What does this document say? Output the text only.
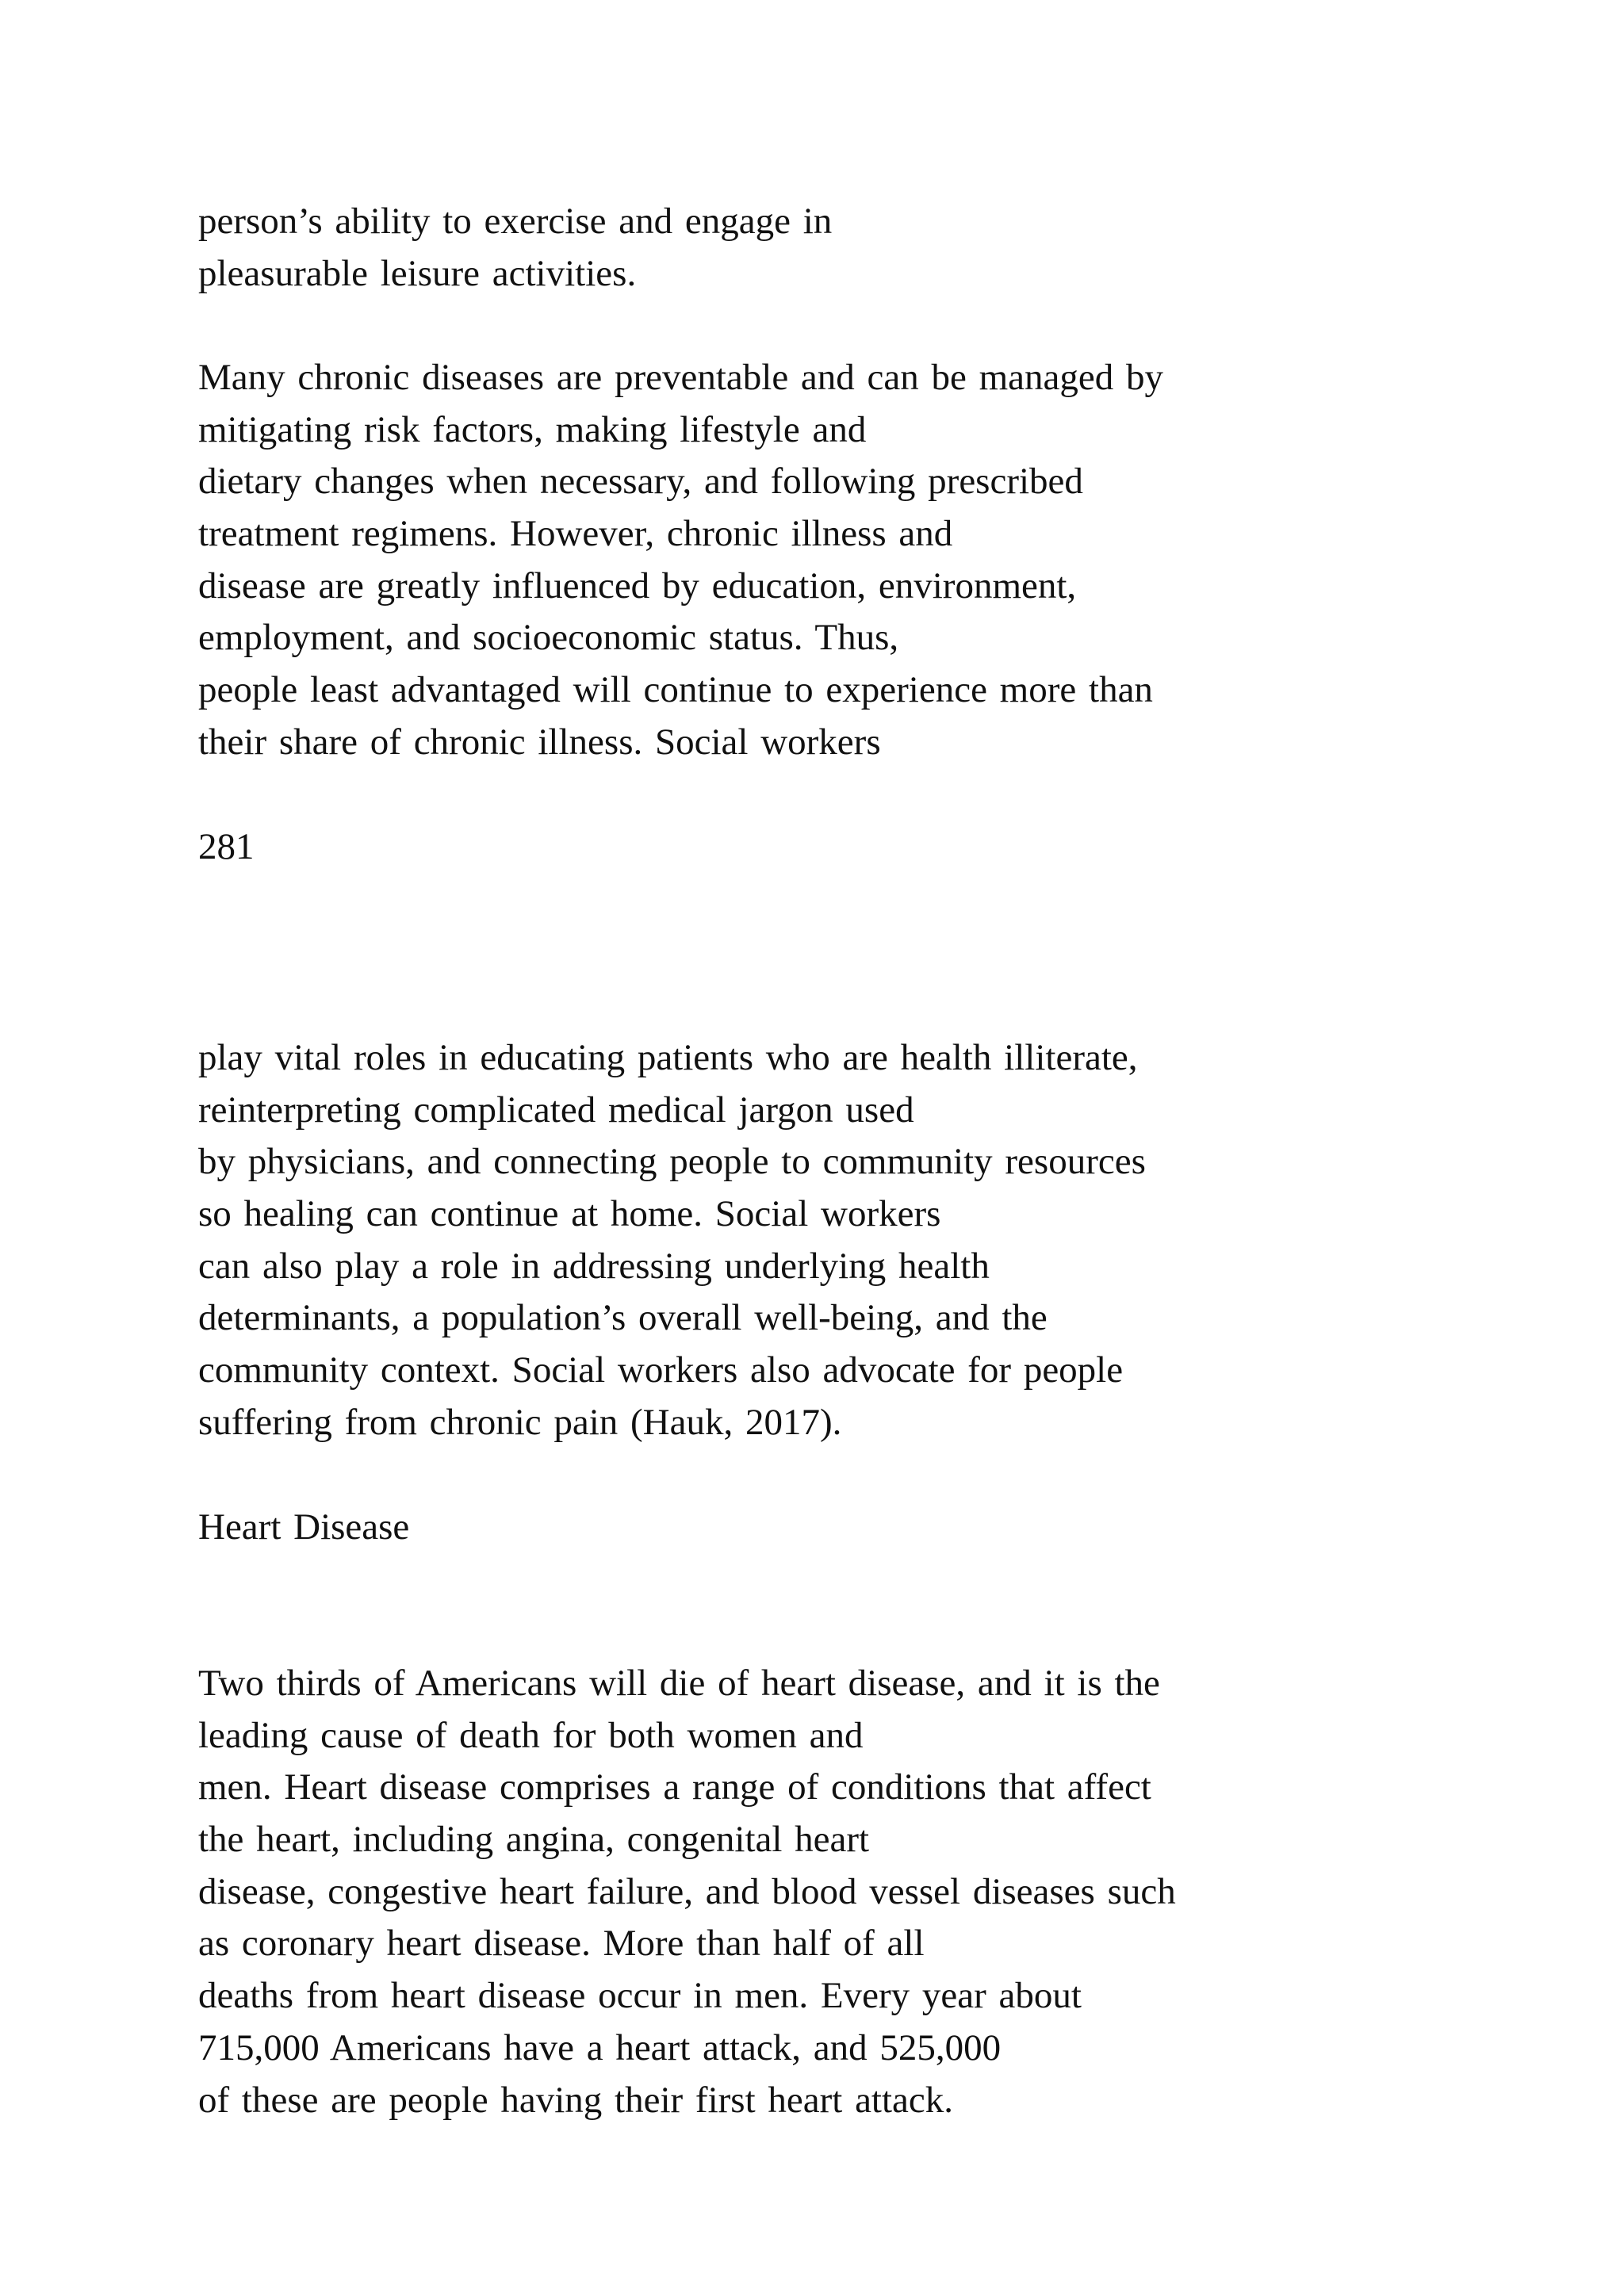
person’s ability to exercise and engage in
pleasurable leisure activities.
Many chronic diseases are preventable and can be managed by
mitigating risk factors, making lifestyle and
dietary changes when necessary, and following prescribed
treatment regimens. However, chronic illness and
disease are greatly influenced by education, environment,
employment, and socioeconomic status. Thus,
people least advantaged will continue to experience more than
their share of chronic illness. Social workers
281
play vital roles in educating patients who are health illiterate,
reinterpreting complicated medical jargon used
by physicians, and connecting people to community resources
so healing can continue at home. Social workers
can also play a role in addressing underlying health
determinants, a population’s overall well-being, and the
community context. Social workers also advocate for people
suffering from chronic pain (Hauk, 2017).
Heart Disease
Two thirds of Americans will die of heart disease, and it is the
leading cause of death for both women and
men. Heart disease comprises a range of conditions that affect
the heart, including angina, congenital heart
disease, congestive heart failure, and blood vessel diseases such
as coronary heart disease. More than half of all
deaths from heart disease occur in men. Every year about
715,000 Americans have a heart attack, and 525,000
of these are people having their first heart attack.
